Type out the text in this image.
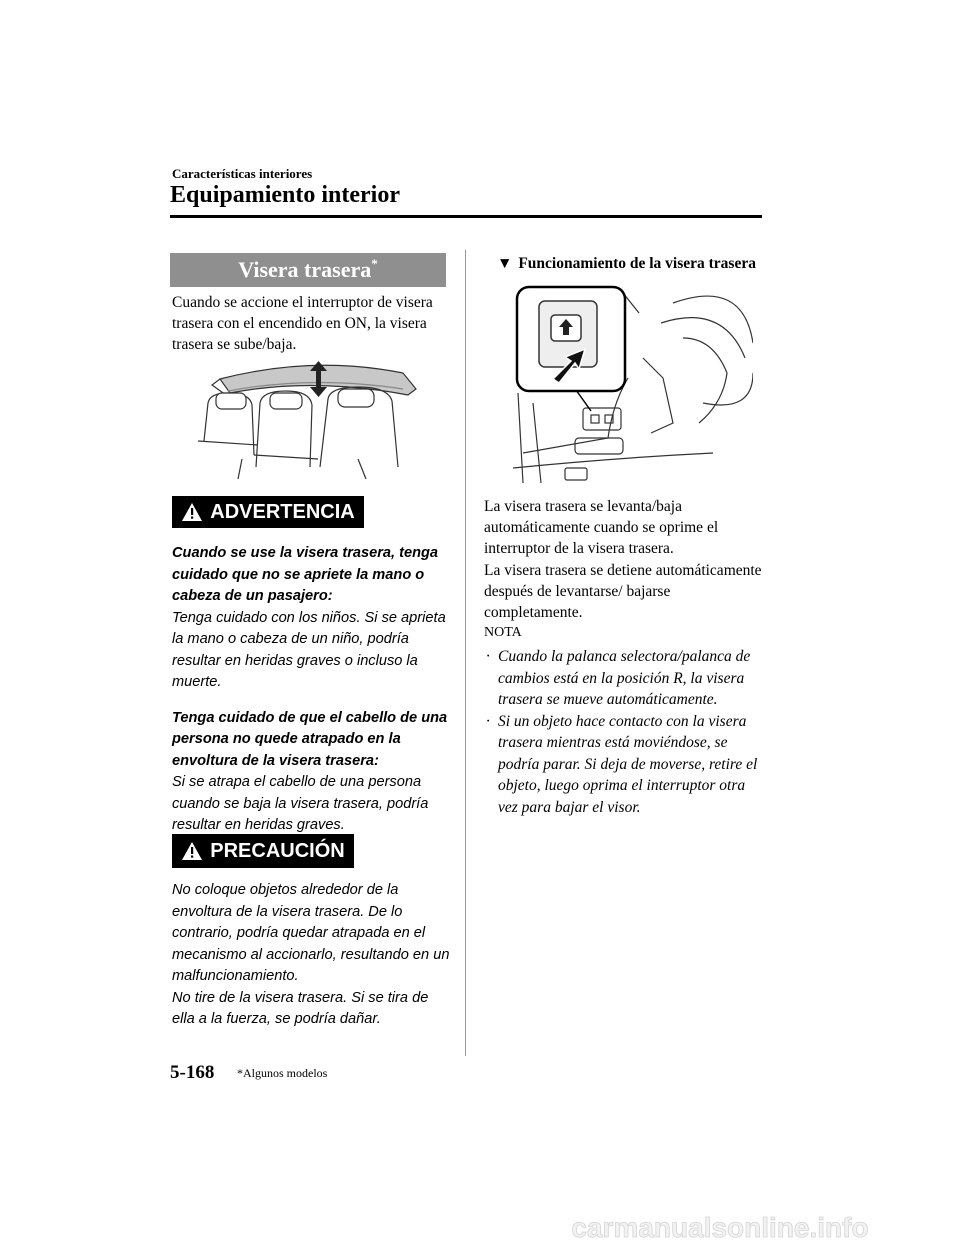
Características interiores
Equipamiento interior
Visera trasera*
Cuando se accione el interruptor de visera trasera con el encendido en ON, la visera trasera se sube/baja.
ADVERTENCIA
Cuando se use la visera trasera, tenga cuidado que no se apriete la mano o cabeza de un pasajero:
Tenga cuidado con los niños. Si se aprieta la mano o cabeza de un niño, podría resultar en heridas graves o incluso la muerte.
Tenga cuidado de que el cabello de una persona no quede atrapado en la envoltura de la visera trasera:
Si se atrapa el cabello de una persona cuando se baja la visera trasera, podría resultar en heridas graves.
PRECAUCIÓN
No coloque objetos alrededor de la envoltura de la visera trasera. De lo contrario, podría quedar atrapada en el mecanismo al accionarlo, resultando en un malfuncionamiento.
No tire de la visera trasera. Si se tira de ella a la fuerza, se podría dañar.
▼ Funcionamiento de la visera trasera
La visera trasera se levanta/baja automáticamente cuando se oprime el interruptor de la visera trasera.
La visera trasera se detiene automáticamente después de levantarse/ bajarse completamente.
NOTA
· Cuando la palanca selectora/palanca de cambios está en la posición R, la visera trasera se mueve automáticamente.
· Si un objeto hace contacto con la visera trasera mientras está moviéndose, se podría parar. Si deja de moverse, retire el objeto, luego oprima el interruptor otra vez para bajar el visor.
5-168 *Algunos modelos
carmanualsonline.info
